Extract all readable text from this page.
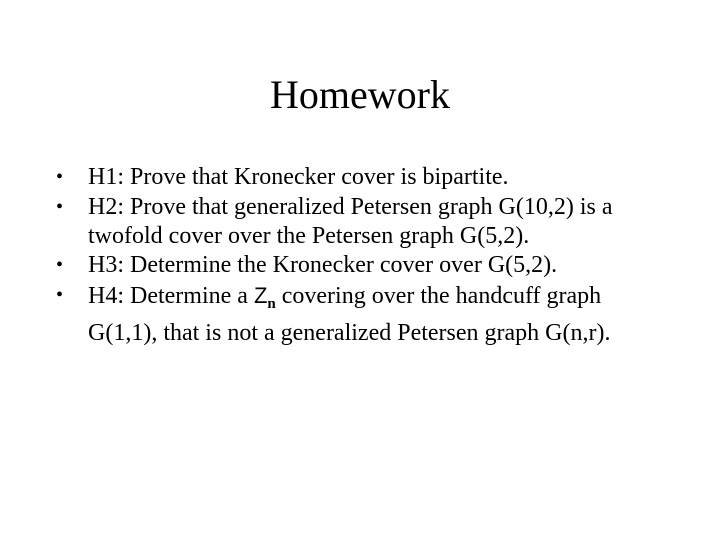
Homework
•	H1: Prove that Kronecker cover is bipartite.
•	H2: Prove that generalized Petersen graph G(10,2) is a twofold cover over the Petersen graph G(5,2).
•	H3: Determine the Kronecker cover over G(5,2).
•	H4: Determine a $Z_n$ covering over the handcuff graph G(1,1), that is not a generalized Petersen graph G(n,r).
